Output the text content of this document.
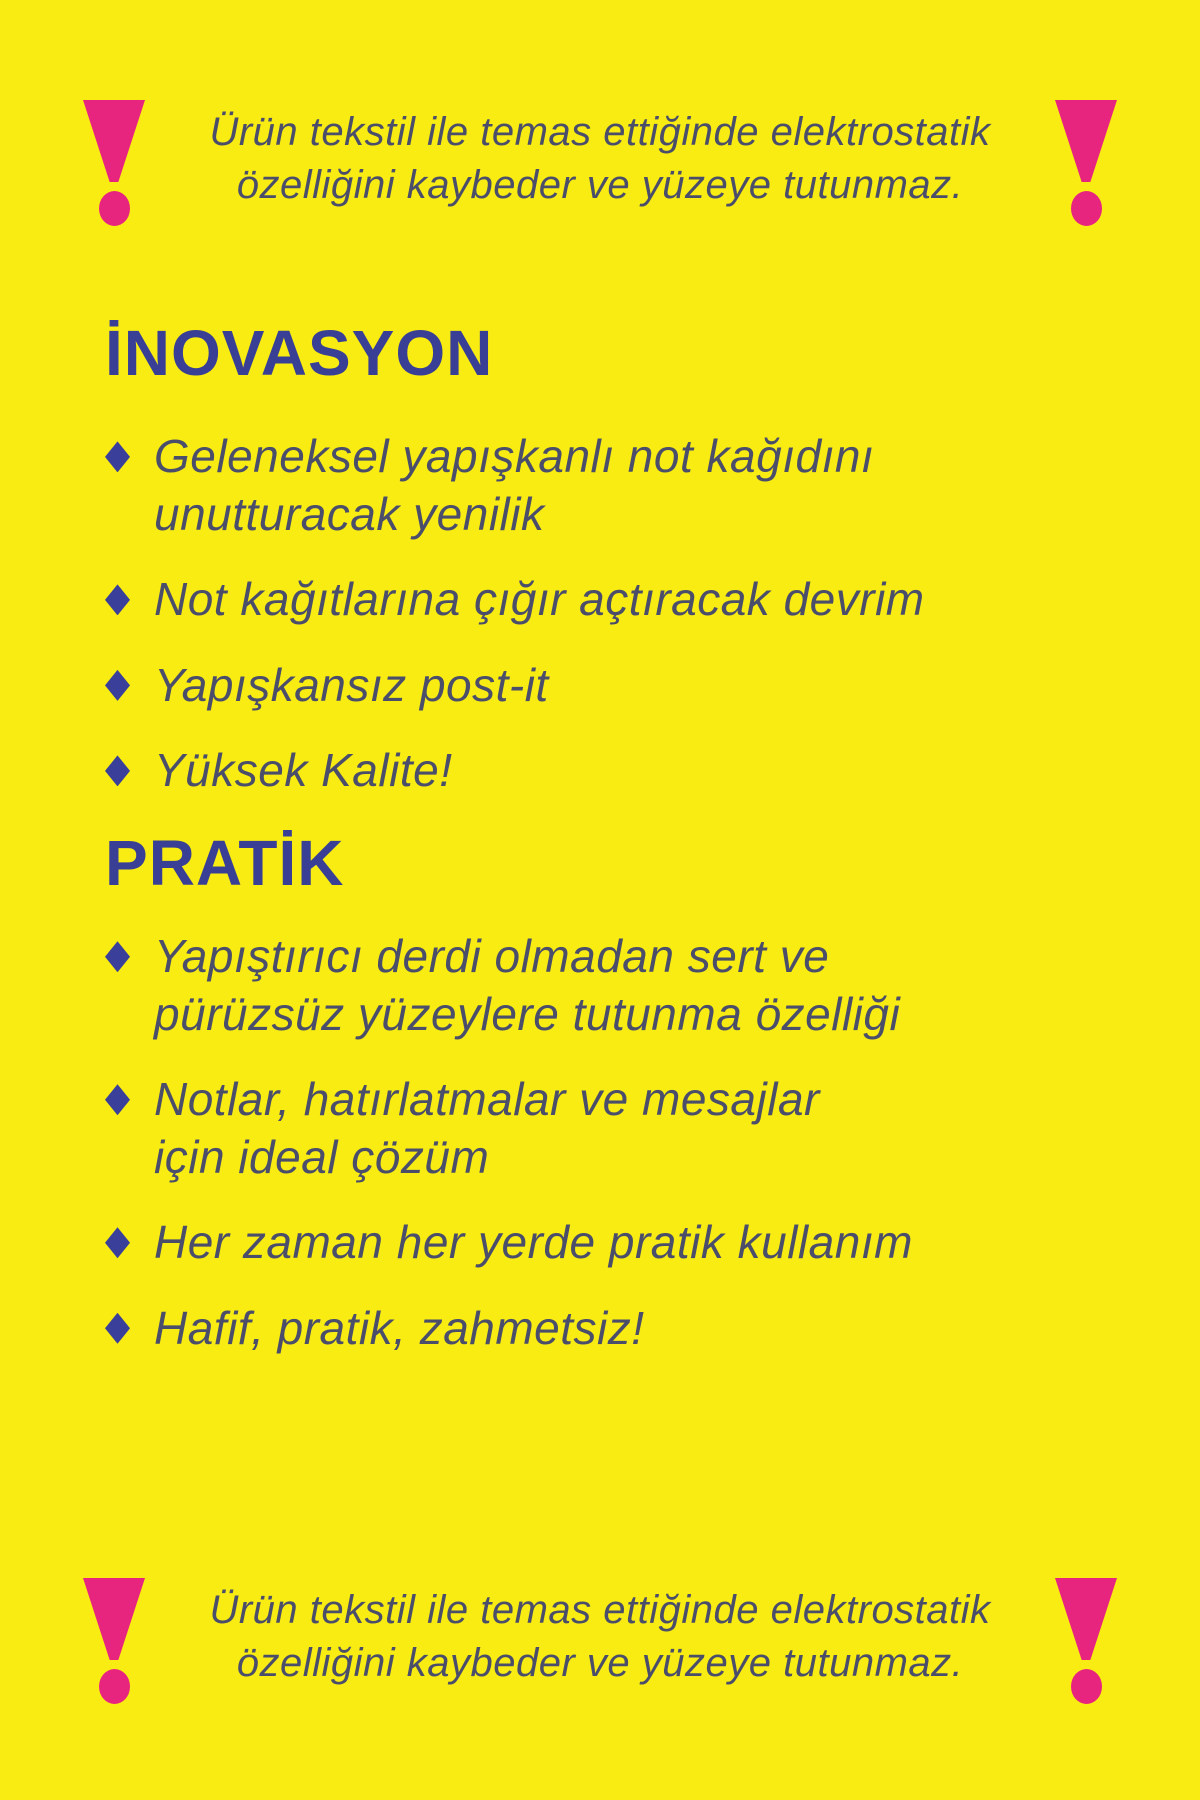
Ürün tekstil ile temas ettiğinde elektrostatik
özelliğini kaybeder ve yüzeye tutunmaz.
İNOVASYON
Geleneksel yapışkanlı not kağıdını
unutturacak yenilik
Not kağıtlarına çığır açtıracak devrim
Yapışkansız post-it
Yüksek Kalite!
PRATİK
Yapıştırıcı derdi olmadan sert ve
pürüzsüz yüzeylere tutunma özelliği
Notlar, hatırlatmalar ve mesajlar
için ideal çözüm
Her zaman her yerde pratik kullanım
Hafif, pratik, zahmetsiz!
Ürün tekstil ile temas ettiğinde elektrostatik
özelliğini kaybeder ve yüzeye tutunmaz.
